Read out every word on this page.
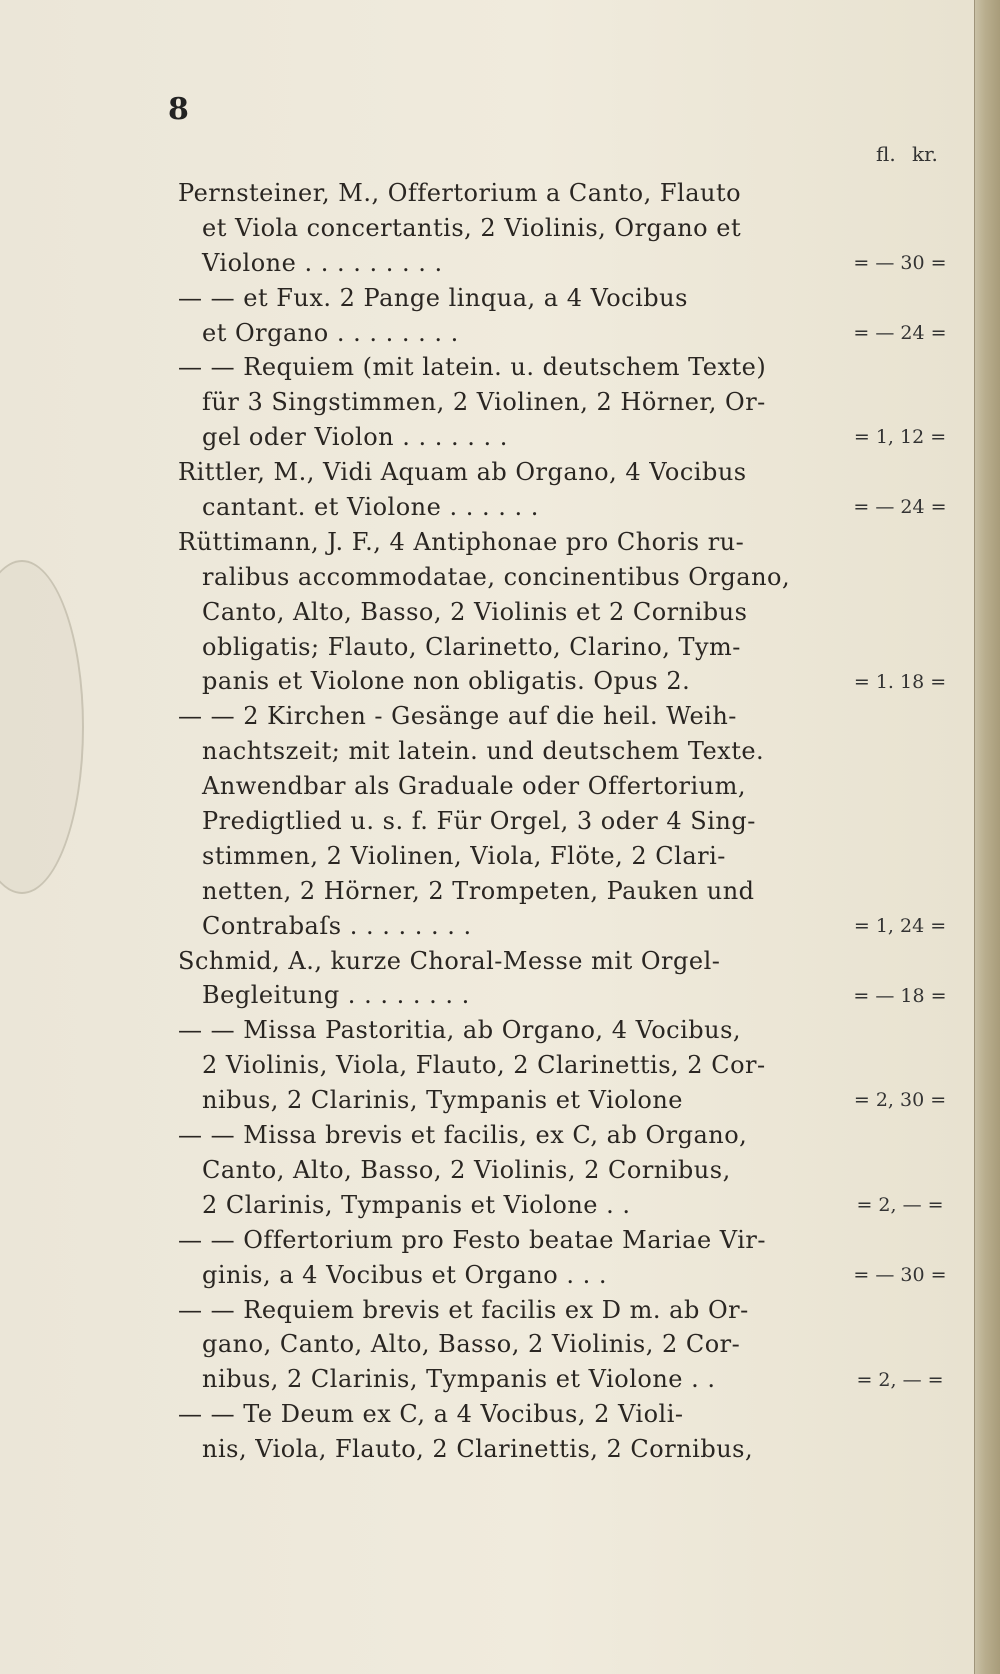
8
fl. kr.
Pernsteiner, M., Offertorium a Canto, Flauto
et Viola concertantis, 2 Violinis, Organo et
Violone . . . . . . . . .
— — et Fux. 2 Pange linqua, a 4 Vocibus
et Organo . . . . . . . .
— — Requiem (mit latein. u. deutschem Texte)
für 3 Singstimmen, 2 Violinen, 2 Hörner, Or-
gel oder Violon . . . . . . .
Rittler, M., Vidi Aquam ab Organo, 4 Vocibus
cantant. et Violone . . . . . .
Rüttimann, J. F., 4 Antiphonae pro Choris ru-
ralibus accommodatae, concinentibus Organo,
Canto, Alto, Basso, 2 Violinis et 2 Cornibus
obligatis; Flauto, Clarinetto, Clarino, Tym-
panis et Violone non obligatis. Opus 2.
— — 2 Kirchen - Gesänge auf die heil. Weih-
nachtszeit; mit latein. und deutschem Texte.
Anwendbar als Graduale oder Offertorium,
Predigtlied u. s. f. Für Orgel, 3 oder 4 Sing-
stimmen, 2 Violinen, Viola, Flöte, 2 Clari-
netten, 2 Hörner, 2 Trompeten, Pauken und
Contrabaſs . . . . . . . .
Schmid, A., kurze Choral-Messe mit Orgel-
Begleitung . . . . . . . .
— — Missa Pastoritia, ab Organo, 4 Vocibus,
2 Violinis, Viola, Flauto, 2 Clarinettis, 2 Cor-
nibus, 2 Clarinis, Tympanis et Violone
— — Missa brevis et facilis, ex C, ab Organo,
Canto, Alto, Basso, 2 Violinis, 2 Cornibus,
2 Clarinis, Tympanis et Violone . .
— — Offertorium pro Festo beatae Mariae Vir-
ginis, a 4 Vocibus et Organo . . .
— — Requiem brevis et facilis ex D m. ab Or-
gano, Canto, Alto, Basso, 2 Violinis, 2 Cor-
nibus, 2 Clarinis, Tympanis et Violone . .
— — Te Deum ex C, a 4 Vocibus, 2 Violi-
nis, Viola, Flauto, 2 Clarinettis, 2 Cornibus,
= — 30 =
= — 24 =
= 1, 12 =
= — 24 =
= 1. 18 =
= 1, 24 =
= — 18 =
= 2, 30 =
= 2, — =
= — 30 =
= 2, — =
